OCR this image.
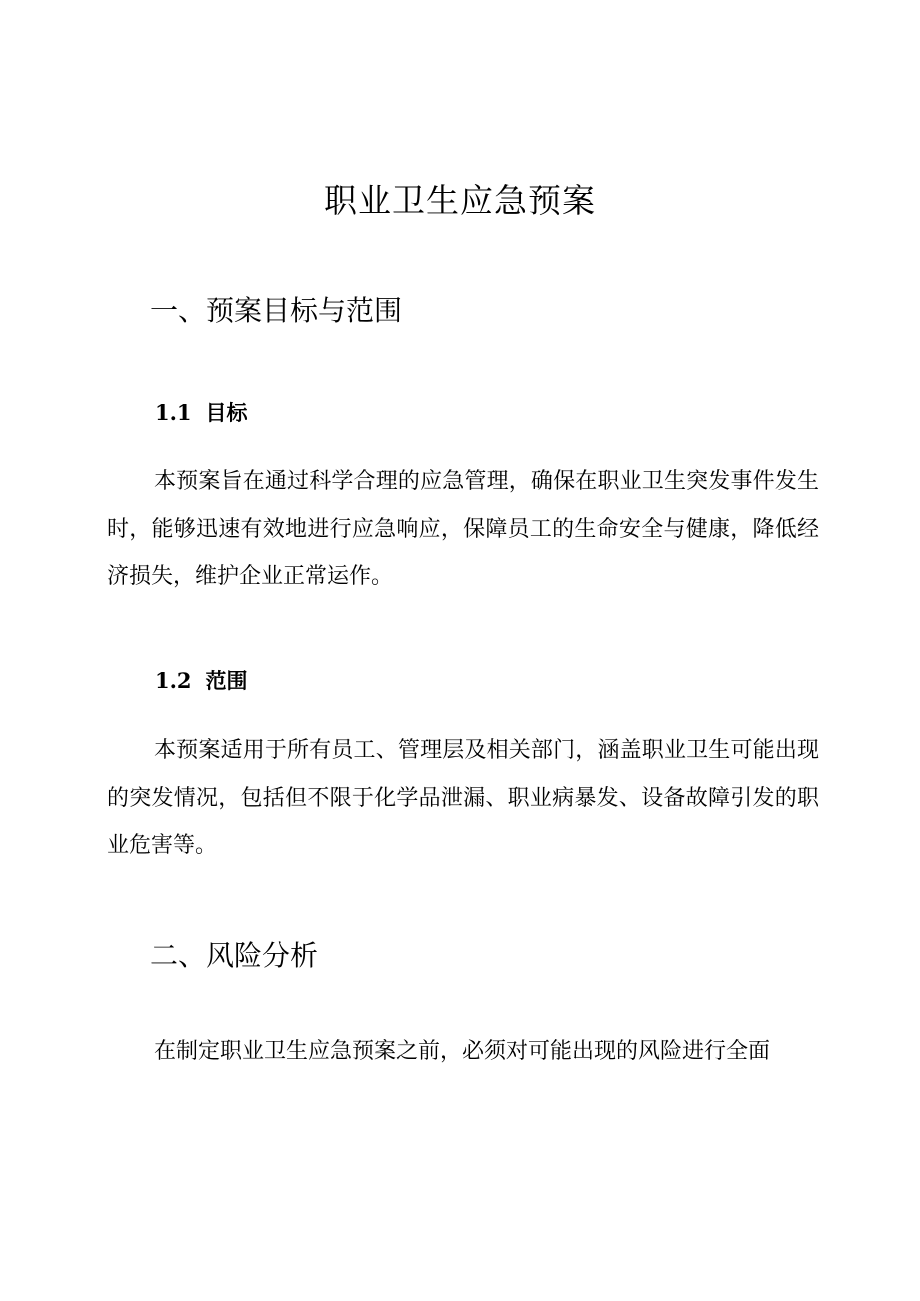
职业卫生应急预案
一、预案目标与范围
1.1 目标

本预案旨在通过科学合理的应急管理，确保在职业卫生突发事件发生时，能够迅速有效地进行应急响应，保障员工的生命安全与健康，降低经济损失，维护企业正常运作。

1.2 范围

本预案适用于所有员工、管理层及相关部门，涵盖职业卫生可能出现的突发情况，包括但不限于化学品泄漏、职业病暴发、设备故障引发的职业危害等。

二、风险分析

在制定职业卫生应急预案之前，必须对可能出现的风险进行全面
